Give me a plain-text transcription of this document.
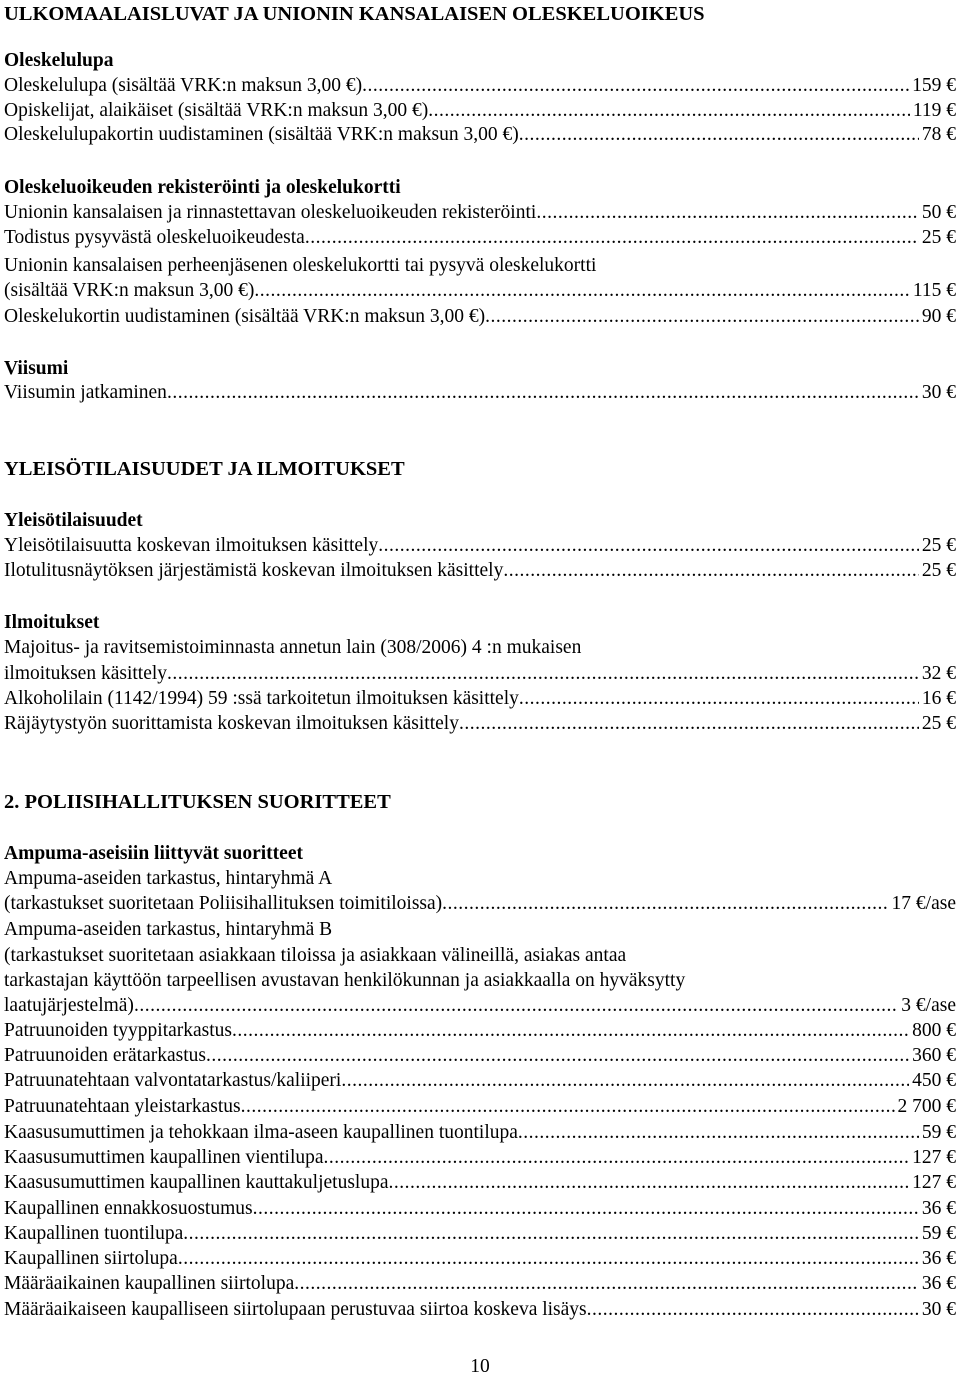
ULKOMAALAISLUVAT JA UNIONIN KANSALAISEN OLESKELUOIKEUS
Oleskelulupa
Oleskelulupa (sisältää VRK:n maksun 3,00 €) .....	159 €
Opiskelijat, alaikäiset (sisältää VRK:n maksun 3,00 €) .....	119 €
Oleskelulupakortin uudistaminen (sisältää VRK:n maksun 3,00 €) .....	78 €
Oleskeluoikeuden rekisteröinti ja oleskelukortti
Unionin kansalaisen ja rinnastettavan oleskeluoikeuden rekisteröinti .....	50 €
Todistus pysyvästä oleskeluoikeudesta .....	25 €
Unionin kansalaisen perheenjäsenen oleskelukortti tai pysyvä oleskelukortti
(sisältää VRK:n maksun 3,00 €) .....	115 €
Oleskelukortin uudistaminen (sisältää VRK:n maksun 3,00 €) .....	90 €
Viisumi
Viisumin jatkaminen .....	30 €
YLEISÖTILAISUUDET JA ILMOITUKSET
Yleisötilaisuudet
Yleisötilaisuutta koskevan ilmoituksen käsittely .....	25 €
Ilotulitusnäytöksen järjestämistä koskevan ilmoituksen käsittely .....	25 €
Ilmoitukset
Majoitus- ja ravitsemistoiminnasta annetun lain (308/2006) 4 :n mukaisen
ilmoituksen käsittely .....	32 €
Alkoholilain (1142/1994) 59 :ssä tarkoitetun ilmoituksen käsittely .....	16 €
Räjäytystyön suorittamista koskevan ilmoituksen käsittely .....	25 €
2. POLIISIHALLITUKSEN SUORITTEET
Ampuma-aseisiin liittyvät suoritteet
Ampuma-aseiden tarkastus, hintaryhmä A
(tarkastukset suoritetaan Poliisihallituksen toimitiloissa) .....	17 €/ase
Ampuma-aseiden tarkastus, hintaryhmä B
(tarkastukset suoritetaan asiakkaan tiloissa ja asiakkaan välineillä, asiakas antaa
tarkastajan käyttöön tarpeellisen avustavan henkilökunnan ja asiakkaalla on hyväksytty
laatujärjestelmä) .....	3 €/ase
Patruunoiden tyyppitarkastus .....	800 €
Patruunoiden erätarkastus .....	360 €
Patruunatehtaan valvontatarkastus/kaliiperi .....	450 €
Patruunatehtaan yleistarkastus .....	2 700 €
Kaasusumuttimen ja tehokkaan ilma-aseen kaupallinen tuontilupa .....	59 €
Kaasusumuttimen kaupallinen vientilupa .....	127 €
Kaasusumuttimen kaupallinen kauttakuljetuslupa .....	127 €
Kaupallinen ennakkosuostumus .....	36 €
Kaupallinen tuontilupa .....	59 €
Kaupallinen siirtolupa .....	36 €
Määräaikainen kaupallinen siirtolupa .....	36 €
Määräaikaiseen kaupalliseen siirtolupaan perustuvaa siirtoa koskeva lisäys .....	30 €
10
